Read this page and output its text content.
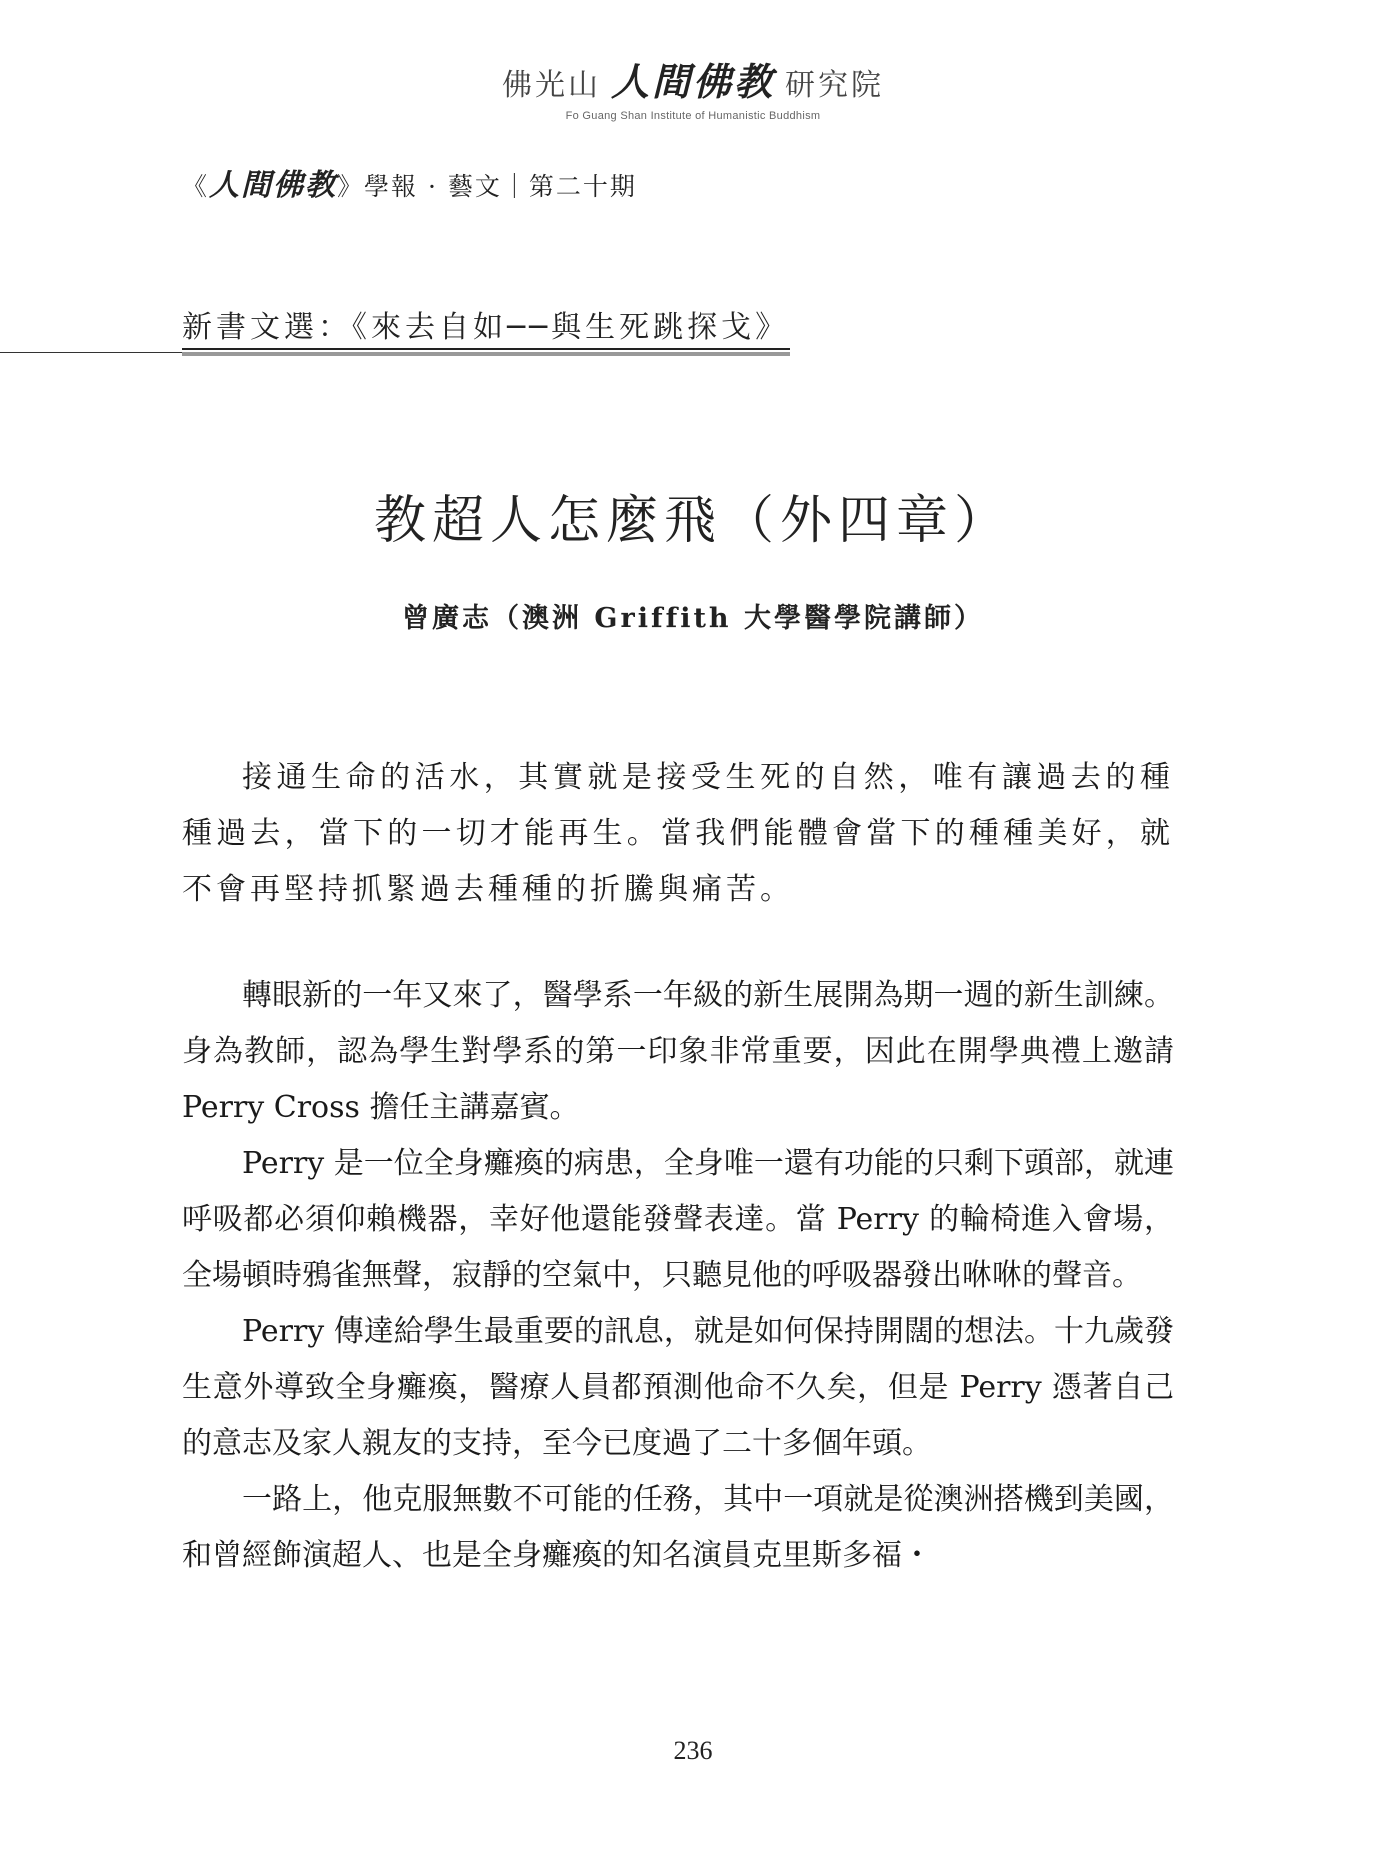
佛光山 人間佛教 研究院
Fo Guang Shan Institute of Humanistic Buddhism
《人間佛教》學報 · 藝文｜第二十期
新書文選：《來去自如──與生死跳探戈》
教超人怎麼飛（外四章）
曾廣志（澳洲 Griffith 大學醫學院講師）

接通生命的活水，其實就是接受生死的自然，唯有讓過去的種種過去，當下的一切才能再生。當我們能體會當下的種種美好，就不會再堅持抓緊過去種種的折騰與痛苦。

轉眼新的一年又來了，醫學系一年級的新生展開為期一週的新生訓練。身為教師，認為學生對學系的第一印象非常重要，因此在開學典禮上邀請 Perry Cross 擔任主講嘉賓。

Perry 是一位全身癱瘓的病患，全身唯一還有功能的只剩下頭部，就連呼吸都必須仰賴機器，幸好他還能發聲表達。當 Perry 的輪椅進入會場，全場頓時鴉雀無聲，寂靜的空氣中，只聽見他的呼吸器發出咻咻的聲音。

Perry 傳達給學生最重要的訊息，就是如何保持開闊的想法。十九歲發生意外導致全身癱瘓，醫療人員都預測他命不久矣，但是 Perry 憑著自己的意志及家人親友的支持，至今已度過了二十多個年頭。

一路上，他克服無數不可能的任務，其中一項就是從澳洲搭機到美國，和曾經飾演超人、也是全身癱瘓的知名演員克里斯多福・

236
